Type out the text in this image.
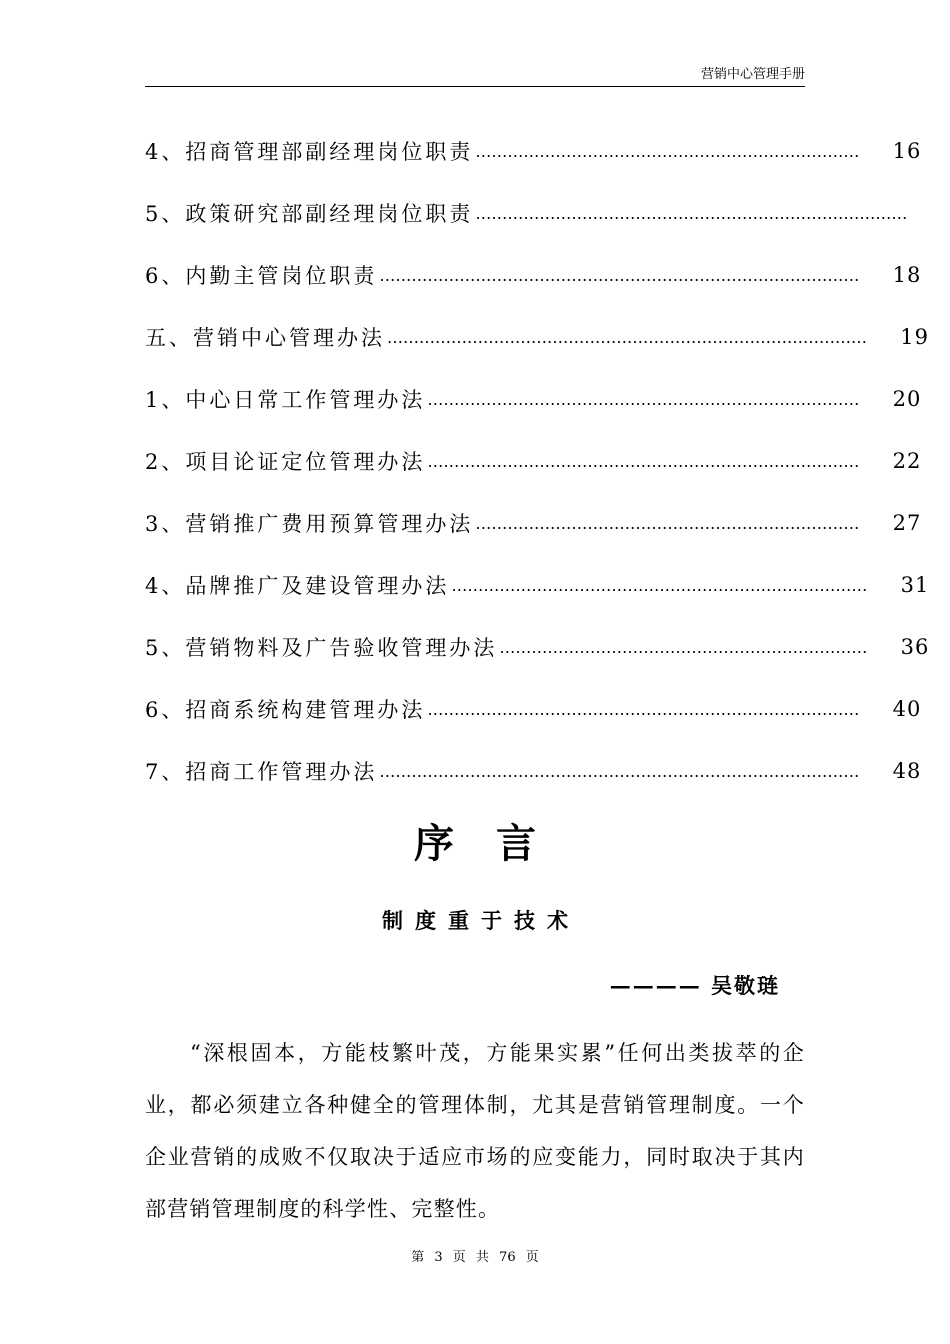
营销中心管理手册
4、招商管理部副经理岗位职责 ………………………………………………………………	16
5、政策研究部副经理岗位职责 ………………………………………………………………………
6、内勤主管岗位职责 ………………………………………………………………………………	18
五、营销中心管理办法 ………………………………………………………………………………	19
1、中心日常工作管理办法 ………………………………………………………………………	20
2、项目论证定位管理办法 ………………………………………………………………………	22
3、营销推广费用预算管理办法 ………………………………………………………………	27
4、品牌推广及建设管理办法 ……………………………………………………………………	31
5、营销物料及广告验收管理办法 ……………………………………………………………	36
6、招商系统构建管理办法 ………………………………………………………………………	40
7、招商工作管理办法 ………………………………………………………………………………	48
序言
制度重于技术
———— 吴敬琏
“深根固本，方能枝繁叶茂，方能果实累”任何出类拔萃的企业，都必须建立各种健全的管理体制，尤其是营销管理制度。一个企业营销的成败不仅取决于适应市场的应变能力，同时取决于其内部营销管理制度的科学性、完整性。
第 3 页 共 76 页
